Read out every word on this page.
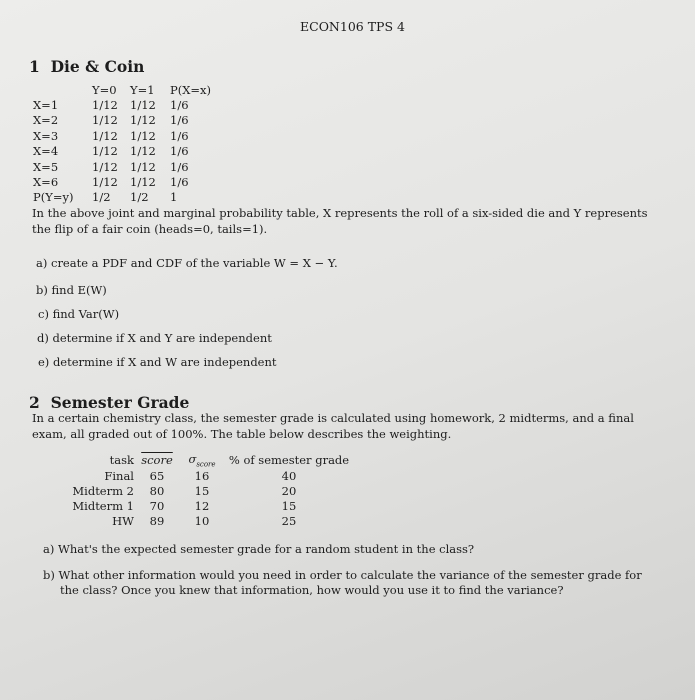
ECON106 TPS 4
1 Die & Coin
	Y=0	Y=1	P(X=x)
X=1	1/12	1/12	1/6
X=2	1/12	1/12	1/6
X=3	1/12	1/12	1/6
X=4	1/12	1/12	1/6
X=5	1/12	1/12	1/6
X=6	1/12	1/12	1/6
P(Y=y)	1/2	1/2	1
In the above joint and marginal probability table, X represents the roll of a six-sided die and Y represents
the flip of a fair coin (heads=0, tails=1).
a) create a PDF and CDF of the variable W = X − Y.
b) find E(W)
c) find Var(W)
d) determine if X and Y are independent
e) determine if X and W are independent
2 Semester Grade
In a certain chemistry class, the semester grade is calculated using homework, 2 midterms, and a final
exam, all graded out of 100%. The table below describes the weighting.
task	score	$\sigma_{score}$	% of semester grade
Final	65	16	40
Midterm 2	80	15	20
Midterm 1	70	12	15
HW	89	10	25
a) What's the expected semester grade for a random student in the class?
b) What other information would you need in order to calculate the variance of the semester grade for
the class? Once you knew that information, how would you use it to find the variance?
